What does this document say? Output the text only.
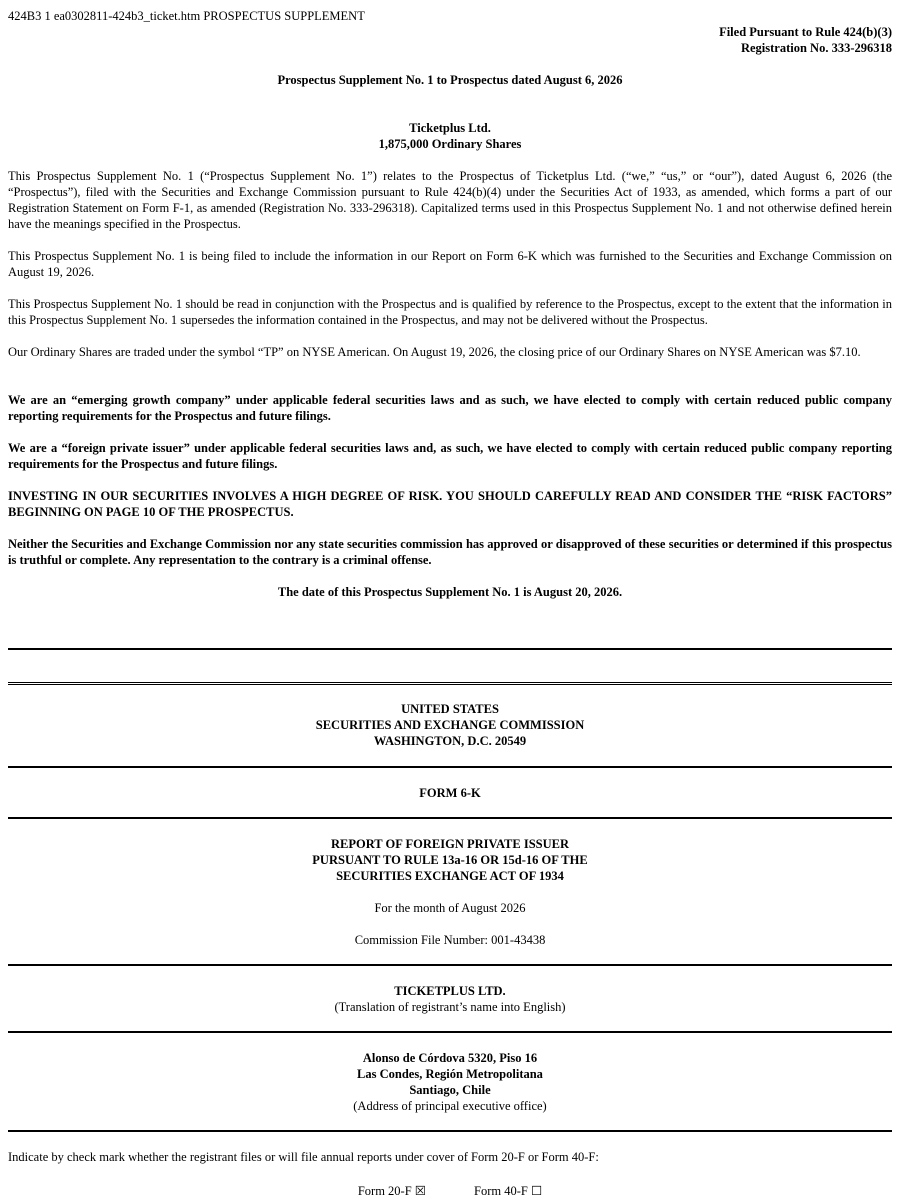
424B3 1 ea0302811-424b3_ticket.htm PROSPECTUS SUPPLEMENT
Filed Pursuant to Rule 424(b)(3)
Registration No. 333-296318
Prospectus Supplement No. 1 to Prospectus dated August 6, 2026
Ticketplus Ltd.
1,875,000 Ordinary Shares
This Prospectus Supplement No. 1 (“Prospectus Supplement No. 1”) relates to the Prospectus of Ticketplus Ltd. (“we,” “us,” or “our”), dated August 6, 2026 (the “Prospectus”), filed with the Securities and Exchange Commission pursuant to Rule 424(b)(4) under the Securities Act of 1933, as amended, which forms a part of our Registration Statement on Form F-1, as amended (Registration No. 333-296318). Capitalized terms used in this Prospectus Supplement No. 1 and not otherwise defined herein have the meanings specified in the Prospectus.
This Prospectus Supplement No. 1 is being filed to include the information in our Report on Form 6-K which was furnished to the Securities and Exchange Commission on August 19, 2026.
This Prospectus Supplement No. 1 should be read in conjunction with the Prospectus and is qualified by reference to the Prospectus, except to the extent that the information in this Prospectus Supplement No. 1 supersedes the information contained in the Prospectus, and may not be delivered without the Prospectus.
Our Ordinary Shares are traded under the symbol “TP” on NYSE American. On August 19, 2026, the closing price of our Ordinary Shares on NYSE American was $7.10.
We are an “emerging growth company” under applicable federal securities laws and as such, we have elected to comply with certain reduced public company reporting requirements for the Prospectus and future filings.
We are a “foreign private issuer” under applicable federal securities laws and, as such, we have elected to comply with certain reduced public company reporting requirements for the Prospectus and future filings.
INVESTING IN OUR SECURITIES INVOLVES A HIGH DEGREE OF RISK. YOU SHOULD CAREFULLY READ AND CONSIDER THE “RISK FACTORS” BEGINNING ON PAGE 10 OF THE PROSPECTUS.
Neither the Securities and Exchange Commission nor any state securities commission has approved or disapproved of these securities or determined if this prospectus is truthful or complete. Any representation to the contrary is a criminal offense.
The date of this Prospectus Supplement No. 1 is August 20, 2026.
UNITED STATES
SECURITIES AND EXCHANGE COMMISSION
WASHINGTON, D.C. 20549
FORM 6-K
REPORT OF FOREIGN PRIVATE ISSUER
PURSUANT TO RULE 13a-16 OR 15d-16 OF THE
SECURITIES EXCHANGE ACT OF 1934
For the month of August 2026
Commission File Number: 001-43438
TICKETPLUS LTD.
(Translation of registrant’s name into English)
Alonso de Córdova 5320, Piso 16
Las Condes, Región Metropolitana
Santiago, Chile
(Address of principal executive office)
Indicate by check mark whether the registrant files or will file annual reports under cover of Form 20-F or Form 40-F:
Form 20-F ☒	Form 40-F ☐
